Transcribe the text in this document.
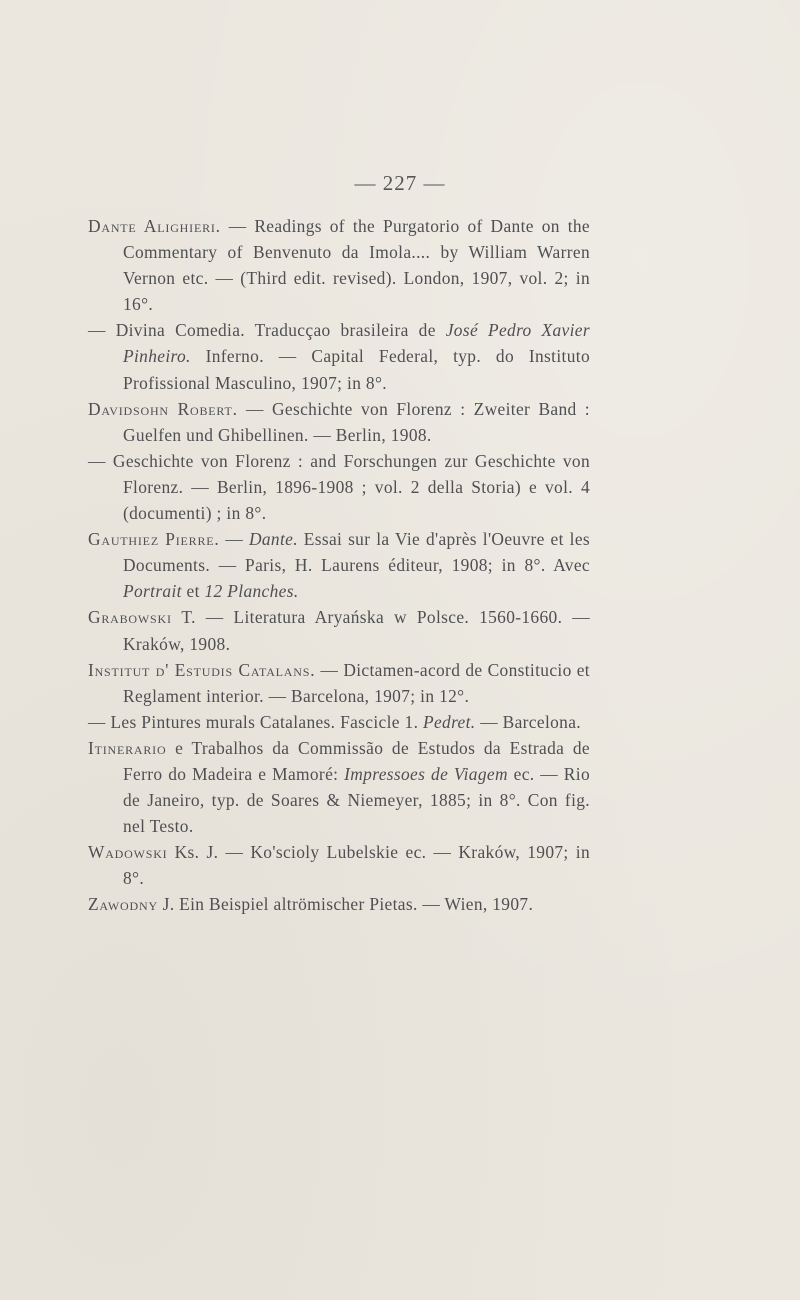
— 227 —

Dante Alighieri. — Readings of the Purgatorio of Dante on the Commentary of Benvenuto da Imola.... by William Warren Vernon etc. — (Third edit. revised). London, 1907, vol. 2; in 16°.

— Divina Comedia. Traducçao brasileira de José Pedro Xavier Pinheiro. Inferno. — Capital Federal, typ. do Instituto Profissional Masculino, 1907; in 8°.

Davidsohn Robert. — Geschichte von Florenz : Zweiter Band : Guelfen und Ghibellinen. — Berlin, 1908.

— Geschichte von Florenz : and Forschungen zur Geschichte von Florenz. — Berlin, 1896-1908 ; vol. 2 della Storia) e vol. 4 (documenti) ; in 8°.

Gauthiez Pierre. — Dante. Essai sur la Vie d'après l'Oeuvre et les Documents. — Paris, H. Laurens éditeur, 1908; in 8°. Avec Portrait et 12 Planches.

Grabowski T. — Literatura Aryańska w Polsce. 1560-1660. — Kraków, 1908.

Institut d' Estudis Catalans. — Dictamen-acord de Constitucio et Reglament interior. — Barcelona, 1907; in 12°.

— Les Pintures murals Catalanes. Fascicle 1. Pedret. — Barcelona.

Itinerario e Trabalhos da Commissão de Estudos da Estrada de Ferro do Madeira e Mamoré: Impressoes de Viagem ec. — Rio de Janeiro, typ. de Soares & Niemeyer, 1885; in 8°. Con fig. nel Testo.

Wadowski Ks. J. — Ko'scioly Lubelskie ec. — Kraków, 1907; in 8°.

Zawodny J. Ein Beispiel altrömischer Pietas. — Wien, 1907.
